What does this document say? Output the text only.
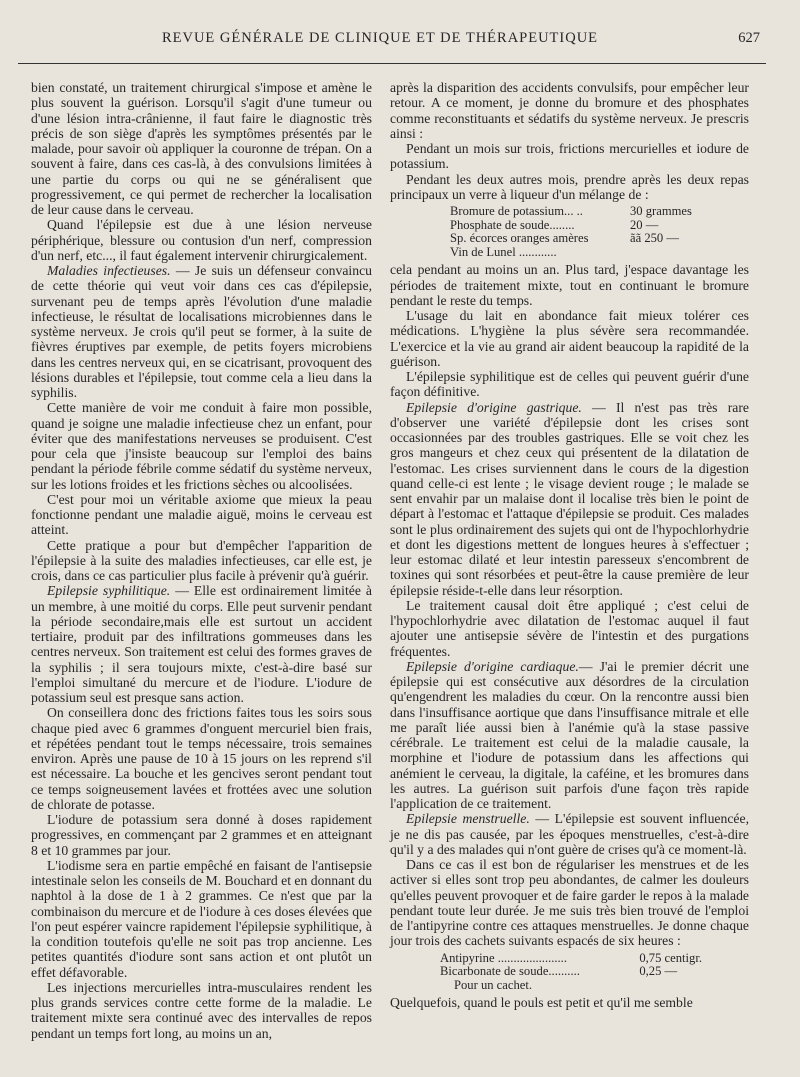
REVUE GÉNÉRALE DE CLINIQUE ET DE THÉRAPEUTIQUE	627

bien constaté, un traitement chirurgical s'impose et amène le plus souvent la guérison. Lorsqu'il s'agit d'une tumeur ou d'une lésion intra-crânienne, il faut faire le diagnostic très précis de son siège d'après les symptômes présentés par le malade, pour savoir où appliquer la couronne de trépan. On a souvent à faire, dans ces cas-là, à des convulsions limitées à une partie du corps ou qui ne se généralisent que progressivement, ce qui permet de rechercher la localisation de leur cause dans le cerveau.

Quand l'épilepsie est due à une lésion nerveuse périphérique, blessure ou contusion d'un nerf, compression d'un nerf, etc..., il faut également intervenir chirurgicalement.

Maladies infectieuses. — Je suis un défenseur convaincu de cette théorie qui veut voir dans ces cas d'épilepsie, survenant peu de temps après l'évolution d'une maladie infectieuse, le résultat de localisations microbiennes dans le système nerveux. Je crois qu'il peut se former, à la suite de fièvres éruptives par exemple, de petits foyers microbiens dans les centres nerveux qui, en se cicatrisant, provoquent des lésions durables et l'épilepsie, tout comme cela a lieu dans la syphilis.

Cette manière de voir me conduit à faire mon possible, quand je soigne une maladie infectieuse chez un enfant, pour éviter que des manifestations nerveuses se produisent. C'est pour cela que j'insiste beaucoup sur l'emploi des bains pendant la période fébrile comme sédatif du système nerveux, sur les lotions froides et les frictions sèches ou alcoolisées.

C'est pour moi un véritable axiome que mieux la peau fonctionne pendant une maladie aiguë, moins le cerveau est atteint.

Cette pratique a pour but d'empêcher l'apparition de l'épilepsie à la suite des maladies infectieuses, car elle est, je crois, dans ce cas particulier plus facile à prévenir qu'à guérir.

Epilepsie syphilitique. — Elle est ordinairement limitée à un membre, à une moitié du corps. Elle peut survenir pendant la période secondaire,mais elle est surtout un accident tertiaire, produit par des infiltrations gommeuses dans les centres nerveux. Son traitement est celui des formes graves de la syphilis ; il sera toujours mixte, c'est-à-dire basé sur l'emploi simultané du mercure et de l'iodure. L'iodure de potassium seul est presque sans action.

On conseillera donc des frictions faites tous les soirs sous chaque pied avec 6 grammes d'onguent mercuriel bien frais, et répétées pendant tout le temps nécessaire, trois semaines environ. Après une pause de 10 à 15 jours on les reprend s'il est nécessaire. La bouche et les gencives seront pendant tout ce temps soigneusement lavées et frottées avec une solution de chlorate de potasse.

L'iodure de potassium sera donné à doses rapidement progressives, en commençant par 2 grammes et en atteignant 8 et 10 grammes par jour.

L'iodisme sera en partie empêché en faisant de l'antisepsie intestinale selon les conseils de M. Bouchard et en donnant du naphtol à la dose de 1 à 2 grammes. Ce n'est que par la combinaison du mercure et de l'iodure à ces doses élevées que l'on peut espérer vaincre rapidement l'épilepsie syphilitique, à la condition toutefois qu'elle ne soit pas trop ancienne. Les petites quantités d'iodure sont sans action et ont plutôt un effet défavorable.

Les injections mercurielles intra-musculaires rendent les plus grands services contre cette forme de la maladie. Le traitement mixte sera continué avec des intervalles de repos pendant un temps fort long, au moins un an,

après la disparition des accidents convulsifs, pour empêcher leur retour. A ce moment, je donne du bromure et des phosphates comme reconstituants et sédatifs du système nerveux. Je prescris ainsi :

Pendant un mois sur trois, frictions mercurielles et iodure de potassium.

Pendant les deux autres mois, prendre après les deux repas principaux un verre à liqueur d'un mélange de :

Bromure de potassium... ..	30 grammes
Phosphate de soude........	20 —
Sp. écorces oranges amères	ãã 250 —
Vin de Lunel ............

cela pendant au moins un an. Plus tard, j'espace davantage les périodes de traitement mixte, tout en continuant le bromure pendant le reste du temps.

L'usage du lait en abondance fait mieux tolérer ces médications. L'hygiène la plus sévère sera recommandée. L'exercice et la vie au grand air aident beaucoup la rapidité de la guérison.

L'épilepsie syphilitique est de celles qui peuvent guérir d'une façon définitive.

Epilepsie d'origine gastrique. — Il n'est pas très rare d'observer une variété d'épilepsie dont les crises sont occasionnées par des troubles gastriques. Elle se voit chez les gros mangeurs et chez ceux qui présentent de la dilatation de l'estomac. Les crises surviennent dans le cours de la digestion quand celle-ci est lente ; le visage devient rouge ; le malade se sent envahir par un malaise dont il localise très bien le point de départ à l'estomac et l'attaque d'épilepsie se produit. Ces malades sont le plus ordinairement des sujets qui ont de l'hypochlorhydrie et dont les digestions mettent de longues heures à s'effectuer ; leur estomac dilaté et leur intestin paresseux s'encombrent de toxines qui sont résorbées et peut-être la cause première de leur épilepsie réside-t-elle dans leur résorption.

Le traitement causal doit être appliqué ; c'est celui de l'hypochlorhydrie avec dilatation de l'estomac auquel il faut ajouter une antisepsie sévère de l'intestin et des purgations fréquentes.

Epilepsie d'origine cardiaque.— J'ai le premier décrit une épilepsie qui est consécutive aux désordres de la circulation qu'engendrent les maladies du cœur. On la rencontre aussi bien dans l'insuffisance aortique que dans l'insuffisance mitrale et elle me paraît liée aussi bien à l'anémie qu'à la stase passive cérébrale. Le traitement est celui de la maladie causale, la morphine et l'iodure de potassium dans les affections qui anémient le cerveau, la digitale, la caféine, et les bromures dans les autres. La guérison suit parfois d'une façon très rapide l'application de ce traitement.

Epilepsie menstruelle. — L'épilepsie est souvent influencée, je ne dis pas causée, par les époques menstruelles, c'est-à-dire qu'il y a des malades qui n'ont guère de crises qu'à ce moment-là.

Dans ce cas il est bon de régulariser les menstrues et de les activer si elles sont trop peu abondantes, de calmer les douleurs qu'elles peuvent provoquer et de faire garder le repos à la malade pendant toute leur durée. Je me suis très bien trouvé de l'emploi de l'antipyrine contre ces attaques menstruelles. Je donne chaque jour trois des cachets suivants espacés de six heures :

Antipyrine ......................	0,75 centigr.
Bicarbonate de soude..........	0,25 —
Pour un cachet.

Quelquefois, quand le pouls est petit et qu'il me semble
